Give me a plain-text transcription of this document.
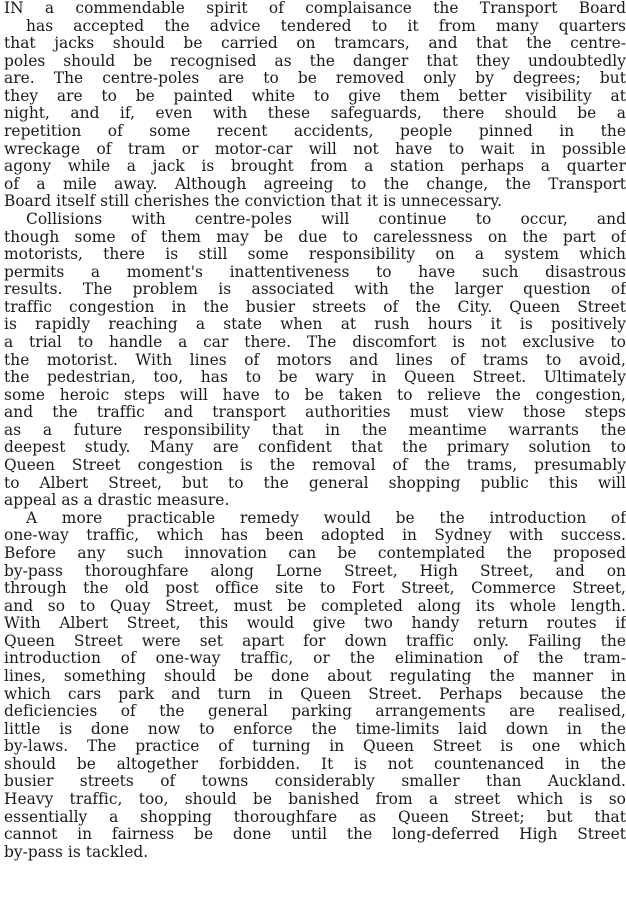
IN a commendable spirit of complaisance the Transport Board
has accepted the advice tendered to it from many quarters
that jacks should be carried on tramcars, and that the centre-
poles should be recognised as the danger that they undoubtedly
are. The centre-poles are to be removed only by degrees; but
they are to be painted white to give them better visibility at
night, and if, even with these safeguards, there should be a
repetition of some recent accidents, people pinned in the
wreckage of tram or motor-car will not have to wait in possible
agony while a jack is brought from a station perhaps a quarter
of a mile away. Although agreeing to the change, the Transport
Board itself still cherishes the conviction that it is unnecessary.
Collisions with centre-poles will continue to occur, and
though some of them may be due to carelessness on the part of
motorists, there is still some responsibility on a system which
permits a moment's inattentiveness to have such disastrous
results. The problem is associated with the larger question of
traffic congestion in the busier streets of the City. Queen Street
is rapidly reaching a state when at rush hours it is positively
a trial to handle a car there. The discomfort is not exclusive to
the motorist. With lines of motors and lines of trams to avoid,
the pedestrian, too, has to be wary in Queen Street. Ultimately
some heroic steps will have to be taken to relieve the congestion,
and the traffic and transport authorities must view those steps
as a future responsibility that in the meantime warrants the
deepest study. Many are confident that the primary solution to
Queen Street congestion is the removal of the trams, presumably
to Albert Street, but to the general shopping public this will
appeal as a drastic measure.
A more practicable remedy would be the introduction of
one-way traffic, which has been adopted in Sydney with success.
Before any such innovation can be contemplated the proposed
by-pass thoroughfare along Lorne Street, High Street, and on
through the old post office site to Fort Street, Commerce Street,
and so to Quay Street, must be completed along its whole length.
With Albert Street, this would give two handy return routes if
Queen Street were set apart for down traffic only. Failing the
introduction of one-way traffic, or the elimination of the tram-
lines, something should be done about regulating the manner in
which cars park and turn in Queen Street. Perhaps because the
deficiencies of the general parking arrangements are realised,
little is done now to enforce the time-limits laid down in the
by-laws. The practice of turning in Queen Street is one which
should be altogether forbidden. It is not countenanced in the
busier streets of towns considerably smaller than Auckland.
Heavy traffic, too, should be banished from a street which is so
essentially a shopping thoroughfare as Queen Street; but that
cannot in fairness be done until the long-deferred High Street
by-pass is tackled.
